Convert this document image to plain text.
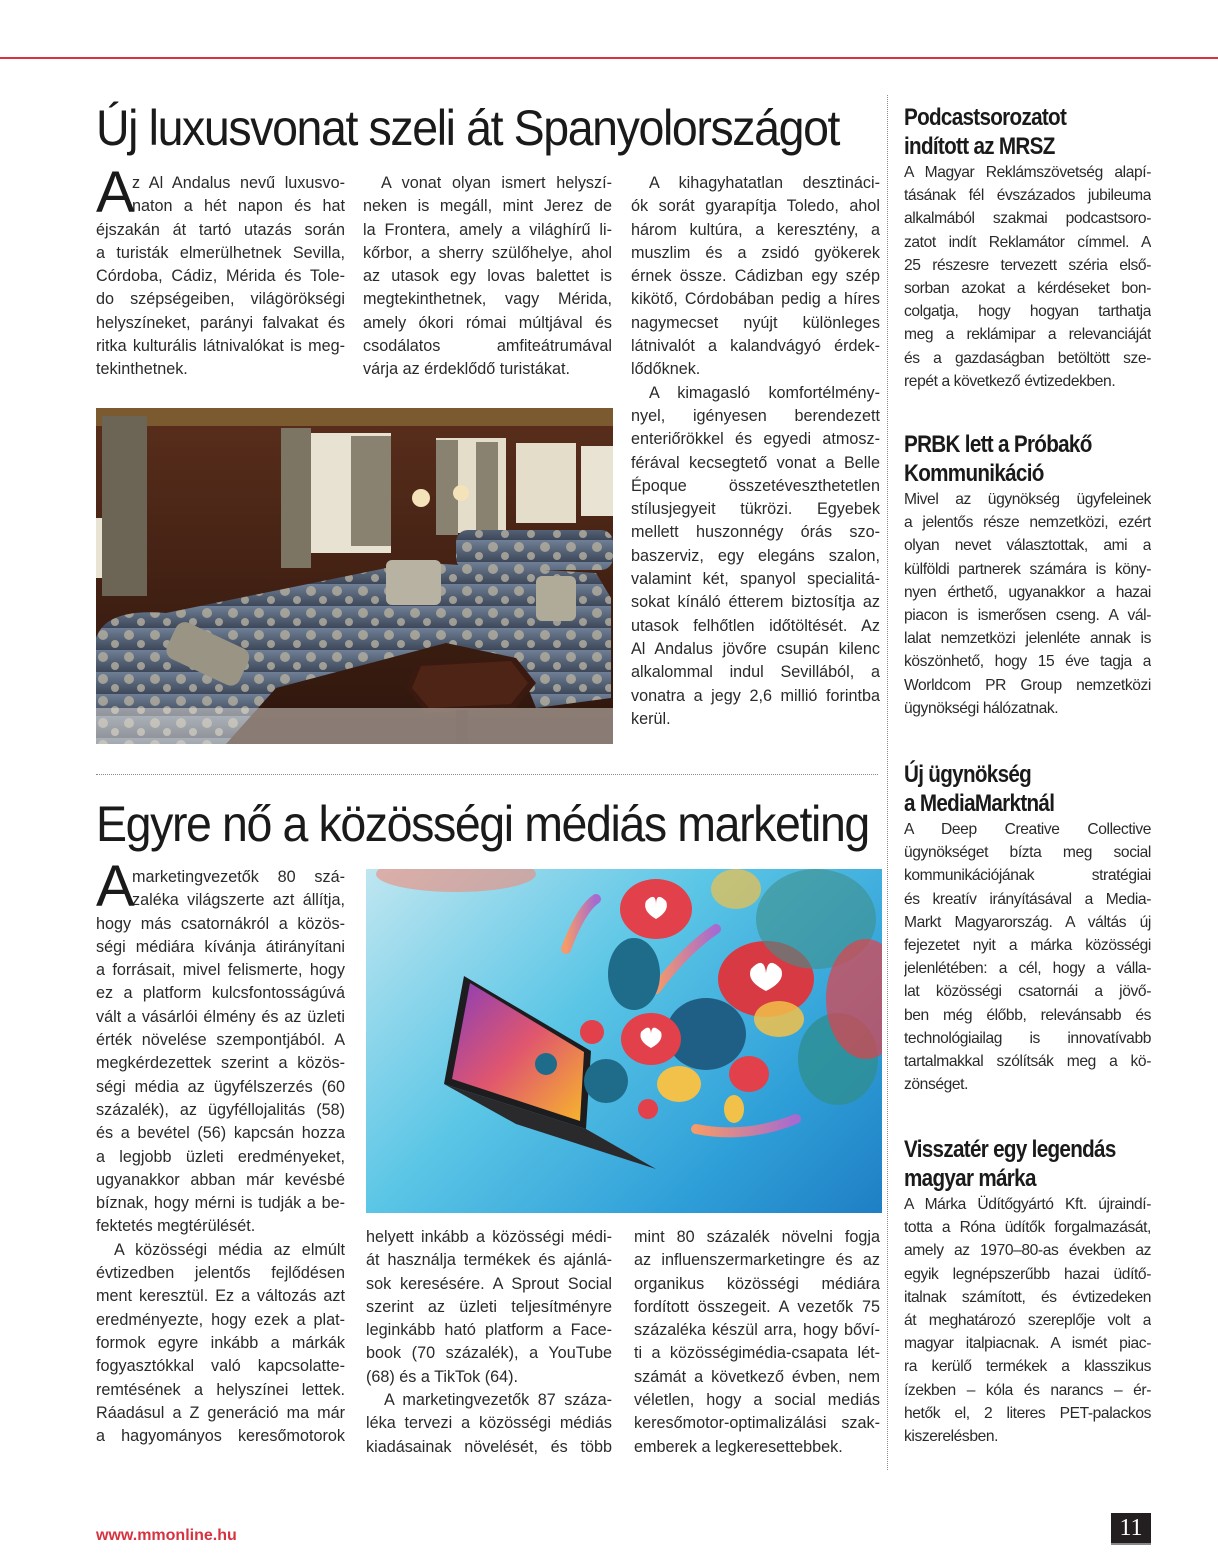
Új luxusvonat szeli át Spanyolországot
A
z Al Andalus nevű luxusvo-
naton a hét napon és hat
éjszakán át tartó utazás során
a turisták elmerülhetnek Sevilla,
Córdoba, Cádiz, Mérida és Tole-
do szépségeiben, világörökségi
helyszíneket, parányi falvakat és
ritka kulturális látnivalókat is meg-
tekinthetnek.
A vonat olyan ismert helyszí-
neken is megáll, mint Jerez de
la Frontera, amely a világhírű li-
kőrbor, a sherry szülőhelye, ahol
az utasok egy lovas balettet is
megtekinthetnek, vagy Mérida,
amely ókori római múltjával és
csodálatos amfiteátrumával
várja az érdeklődő turistákat.
A kihagyhatatlan desztináci-
ók sorát gyarapítja Toledo, ahol
három kultúra, a keresztény, a
muszlim és a zsidó gyökerek
érnek össze. Cádizban egy szép
kikötő, Córdobában pedig a híres
nagymecset nyújt különleges
látnivalót a kalandvágyó érdek-
lődőknek.
A kimagasló komfortélmény-
nyel, igényesen berendezett
enteriőrökkel és egyedi atmosz-
férával kecsegtető vonat a Belle
Époque összetéveszthetetlen
stílusjegyeit tükrözi. Egyebek
mellett huszonnégy órás szo-
baszerviz, egy elegáns szalon,
valamint két, spanyol specialitá-
sokat kínáló étterem biztosítja az
utasok felhőtlen időtöltését. Az
Al Andalus jövőre csupán kilenc
alkalommal indul Sevillából, a
vonatra a jegy 2,6 millió forintba
kerül.
Egyre nő a közösségi médiás marketing
A
marketingvezetők 80 szá-
zaléka világszerte azt állítja,
hogy más csatornákról a közös-
ségi médiára kívánja átirányítani
a forrásait, mivel felismerte, hogy
ez a platform kulcsfontosságúvá
vált a vásárlói élmény és az üzleti
érték növelése szempontjából. A
megkérdezettek szerint a közös-
ségi média az ügyfélszerzés (60
százalék), az ügyféllojalitás (58)
és a bevétel (56) kapcsán hozza
a legjobb üzleti eredményeket,
ugyanakkor abban már kevésbé
bíznak, hogy mérni is tudják a be-
fektetés megtérülését.
A közösségi média az elmúlt
évtizedben jelentős fejlődésen
ment keresztül. Ez a változás azt
eredményezte, hogy ezek a plat-
formok egyre inkább a márkák
fogyasztókkal való kapcsolatte-
remtésének a helyszínei lettek.
Ráadásul a Z generáció ma már
a hagyományos keresőmotorok
helyett inkább a közösségi médi-
át használja termékek és ajánlá-
sok keresésére. A Sprout Social
szerint az üzleti teljesítményre
leginkább ható platform a Face-
book (70 százalék), a YouTube
(68) és a TikTok (64).
A marketingvezetők 87 száza-
léka tervezi a közösségi médiás
kiadásainak növelését, és több
mint 80 százalék növelni fogja
az influenszermarketingre és az
organikus közösségi médiára
fordított összegeit. A vezetők 75
százaléka készül arra, hogy bőví-
ti a közösségimédia-csapata lét-
számát a következő évben, nem
véletlen, hogy a social mediás
keresőmotor-optimalizálási szak-
emberek a legkeresettebbek.
Podcastsorozatot
indított az MRSZ
A Magyar Reklámszövetség alapí-
tásának fél évszázados jubileuma
alkalmából szakmai podcastsoro-
zatot indít Reklamátor címmel. A
25 részesre tervezett széria első-
sorban azokat a kérdéseket bon-
colgatja, hogy hogyan tarthatja
meg a reklámipar a relevanciáját
és a gazdaságban betöltött sze-
repét a következő évtizedekben.
PRBK lett a Próbakő
Kommunikáció
Mivel az ügynökség ügyfeleinek
a jelentős része nemzetközi, ezért
olyan nevet választottak, ami a
külföldi partnerek számára is köny-
nyen érthető, ugyanakkor a hazai
piacon is ismerősen cseng. A vál-
lalat nemzetközi jelenléte annak is
köszönhető, hogy 15 éve tagja a
Worldcom PR Group nemzetközi
ügynökségi hálózatnak.
Új ügynökség
a MediaMarktnál
A Deep Creative Collective
ügynökséget bízta meg social
kommunikációjának stratégiai
és kreatív irányításával a Media-
Markt Magyarország. A váltás új
fejezetet nyit a márka közösségi
jelenlétében: a cél, hogy a válla-
lat közösségi csatornái a jövő-
ben még élőbb, relevánsabb és
technológiailag is innovatívabb
tartalmakkal szólítsák meg a kö-
zönséget.
Visszatér egy legendás
magyar márka
A Márka Üdítőgyártó Kft. újraindí-
totta a Róna üdítők forgalmazását,
amely az 1970–80-as években az
egyik legnépszerűbb hazai üdítő-
italnak számított, és évtizedeken
át meghatározó szereplője volt a
magyar italpiacnak. A ismét piac-
ra kerülő termékek a klasszikus
ízekben – kóla és narancs – ér-
hetők el, 2 literes PET-palackos
kiszerelésben.
www.mmonline.hu	11
